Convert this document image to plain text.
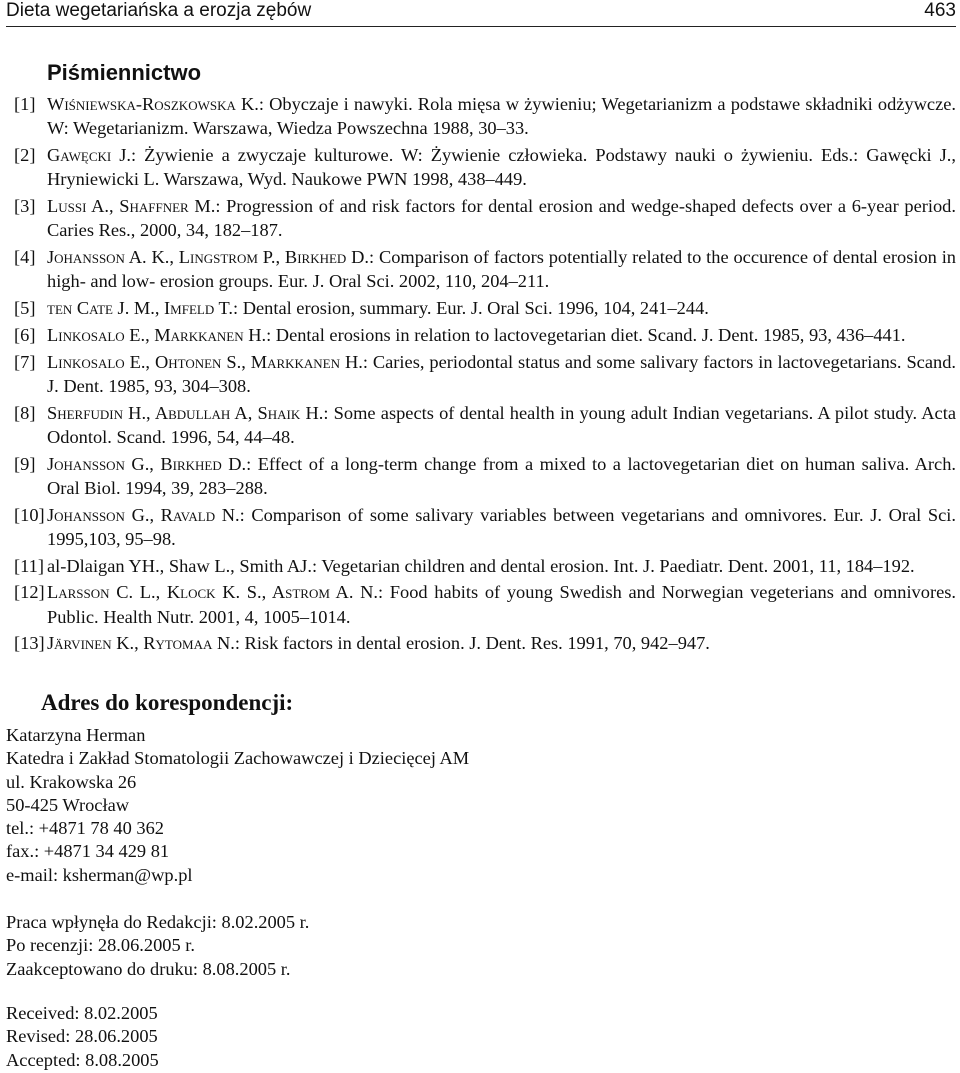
Dieta wegetariańska a erozja zębów	463
Piśmiennictwo
[1] Wiśniewska-Roszkowska K.: Obyczaje i nawyki. Rola mięsa w żywieniu; Wegetarianizm a podstawe składniki odżywcze. W: Wegetarianizm. Warszawa, Wiedza Powszechna 1988, 30–33.
[2] Gawęcki J.: Żywienie a zwyczaje kulturowe. W: Żywienie człowieka. Podstawy nauki o żywieniu. Eds.: Gawęcki J., Hryniewicki L. Warszawa, Wyd. Naukowe PWN 1998, 438–449.
[3] Lussi A., Shaffner M.: Progression of and risk factors for dental erosion and wedge-shaped defects over a 6-year period. Caries Res., 2000, 34, 182–187.
[4] Johansson A. K., Lingstrom P., Birkhed D.: Comparison of factors potentially related to the occurence of dental erosion in high- and low- erosion groups. Eur. J. Oral Sci. 2002, 110, 204–211.
[5] ten Cate J. M., Imfeld T.: Dental erosion, summary. Eur. J. Oral Sci. 1996, 104, 241–244.
[6] Linkosalo E., Markkanen H.: Dental erosions in relation to lactovegetarian diet. Scand. J. Dent. 1985, 93, 436–441.
[7] Linkosalo E., Ohtonen S., Markkanen H.: Caries, periodontal status and some salivary factors in lactovegetarians. Scand. J. Dent. 1985, 93, 304–308.
[8] Sherfudin H., Abdullah A, Shaik H.: Some aspects of dental health in young adult Indian vegetarians. A pilot study. Acta Odontol. Scand. 1996, 54, 44–48.
[9] Johansson G., Birkhed D.: Effect of a long-term change from a mixed to a lactovegetarian diet on human saliva. Arch. Oral Biol. 1994, 39, 283–288.
[10] Johansson G., Ravald N.: Comparison of some salivary variables between vegetarians and omnivores. Eur. J. Oral Sci. 1995,103, 95–98.
[11] al-Dlaigan YH., Shaw L., Smith AJ.: Vegetarian children and dental erosion. Int. J. Paediatr. Dent. 2001, 11, 184–192.
[12] Larsson C. L., Klock K. S., Astrom A. N.: Food habits of young Swedish and Norwegian vegeterians and omnivores. Public. Health Nutr. 2001, 4, 1005–1014.
[13] Järvinen K., Rytomaa N.: Risk factors in dental erosion. J. Dent. Res. 1991, 70, 942–947.
Adres do korespondencji:
Katarzyna Herman
Katedra i Zakład Stomatologii Zachowawczej i Dziecięcej AM
ul. Krakowska 26
50-425 Wrocław
tel.: +4871 78 40 362
fax.: +4871 34 429 81
e-mail: ksherman@wp.pl
Praca wpłynęła do Redakcji: 8.02.2005 r.
Po recenzji: 28.06.2005 r.
Zaakceptowano do druku: 8.08.2005 r.
Received: 8.02.2005
Revised: 28.06.2005
Accepted: 8.08.2005
